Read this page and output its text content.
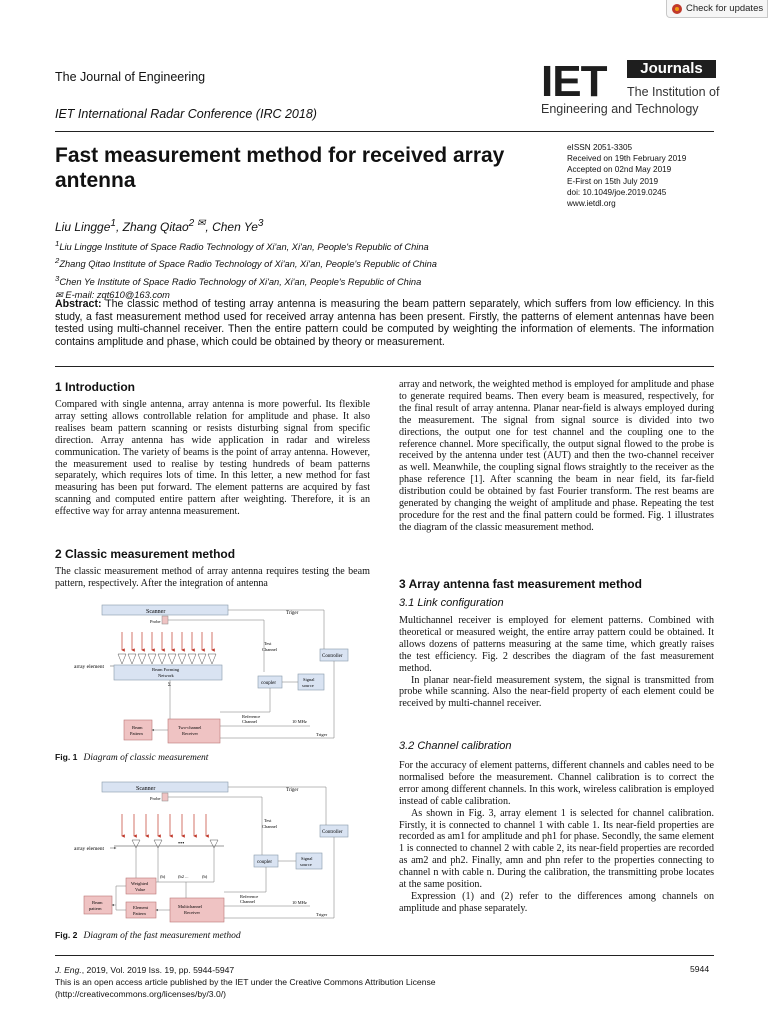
Check for updates
The Journal of Engineering
IET International Radar Conference (IRC 2018)
IET	Journals
The Institution of
Engineering and Technology
Fast measurement method for received array antenna
eISSN 2051-3305
Received on 19th February 2019
Accepted on 02nd May 2019
E-First on 15th July 2019
doi: 10.1049/joe.2019.0245
www.ietdl.org
Liu Lingge$^1$, Zhang Qitao$^{2 ✉}$, Chen Ye$^3$
$^1$Liu Lingge Institute of Space Radio Technology of Xi'an, Xi'an, People's Republic of China
$^2$Zhang Qitao Institute of Space Radio Technology of Xi'an, Xi'an, People's Republic of China
$^3$Chen Ye Institute of Space Radio Technology of Xi'an, Xi'an, People's Republic of China
✉ E-mail: zqt610@163.com
Abstract: The classic method of testing array antenna is measuring the beam pattern separately, which suffers from low efficiency. In this study, a fast measurement method used for received array antenna has been present. Firstly, the patterns of element antennas have been tested using multi-channel receiver. Then the entire pattern could be computed by weighting the information of elements. The information contains amplitude and phase, which could be obtained by theory or measurement.
1 Introduction

Compared with single antenna, array antenna is more powerful. Its flexible array setting allows controllable relation for amplitude and phase. It also realises beam pattern scanning or resists disturbing signal from specific direction. Array antenna has wide application in radar and wireless communication. The variety of beams is the point of array antenna. However, the measurement used to realise by testing hundreds of beam patterns separately, which requires lots of time. In this letter, a new method for fast measuring has been put forward. The element patterns are acquired by fast scanning and computed entire pattern after weighting. Therefore, it is an effective way for array antenna measurement.

2 Classic measurement method

The classic measurement method of array antenna requires testing the beam pattern, respectively. After the integration of antenna

Scanner	Triger
Probe
Test
Channel
Controller
array element	Beam Forming
Network
Σ	coupler
Signal
source
Reference
Channel	10 MHz
Triger
Beam
Pattern
Two-channel
Receiver
Fig. 1 Diagram of classic measurement
Scanner	Triger
Probe
Test
Channel
Controller
array element
•••
(b)	(b2 ...	(b)
coupler
Signal
source
Reference
Channel	10 MHz
Triger
Weighted
Value
Beam
pattern	Element
Pattern
Multichannel
Receiver
Fig. 2 Diagram of the fast measurement method

array and network, the weighted method is employed for amplitude and phase to generate required beams. Then every beam is measured, respectively, for the final result of array antenna. Planar near-field is always employed during the measurement. The signal from signal source is divided into two directions, the output one for test channel and the coupling one to the reference channel. More specifically, the output signal flowed to the probe is received by the antenna under test (AUT) and then the two-channel receiver as well. Meanwhile, the coupling signal flows straightly to the receiver as the phase reference [1]. After scanning the beam in near field, its far-field distribution could be obtained by fast Fourier transform. The rest beams are generated by changing the weight of amplitude and phase. Repeating the test procedure for the rest and the final pattern could be formed. Fig. 1 illustrates the diagram of the classic measurement method.

3 Array antenna fast measurement method
3.1 Link configuration

Multichannel receiver is employed for element patterns. Combined with theoretical or measured weight, the entire array pattern could be obtained. It allows dozens of patterns measuring at the same time, which greatly raises the test efficiency. Fig. 2 describes the diagram of the fast measurement method.

In planar near-field measurement system, the signal is transmitted from probe while scanning. Also the near-field property of each element could be received by multi-channel receiver.

3.2 Channel calibration

For the accuracy of element patterns, different channels and cables need to be normalised before the measurement. Channel calibration is to correct the error among different channels. In this work, wireless calibration is employed instead of cable calibration.

As shown in Fig. 3, array element 1 is selected for channel calibration. Firstly, it is connected to channel 1 with cable 1. Its near-field properties are recorded as am1 for amplitude and ph1 for phase. Secondly, the same element 1 is connected to channel 2 with cable 2, its near-field properties are recorded as am2 and ph2. Finally, amn and phn refer to the properties connecting to channel n with cable n. During the calibration, the transmitting probe locates at the same position.

Expression (1) and (2) refer to the differences among channels on amplitude and phase separately.

J. Eng., 2019, Vol. 2019 Iss. 19, pp. 5944-5947
This is an open access article published by the IET under the Creative Commons Attribution License
(http://creativecommons.org/licenses/by/3.0/)
5944
